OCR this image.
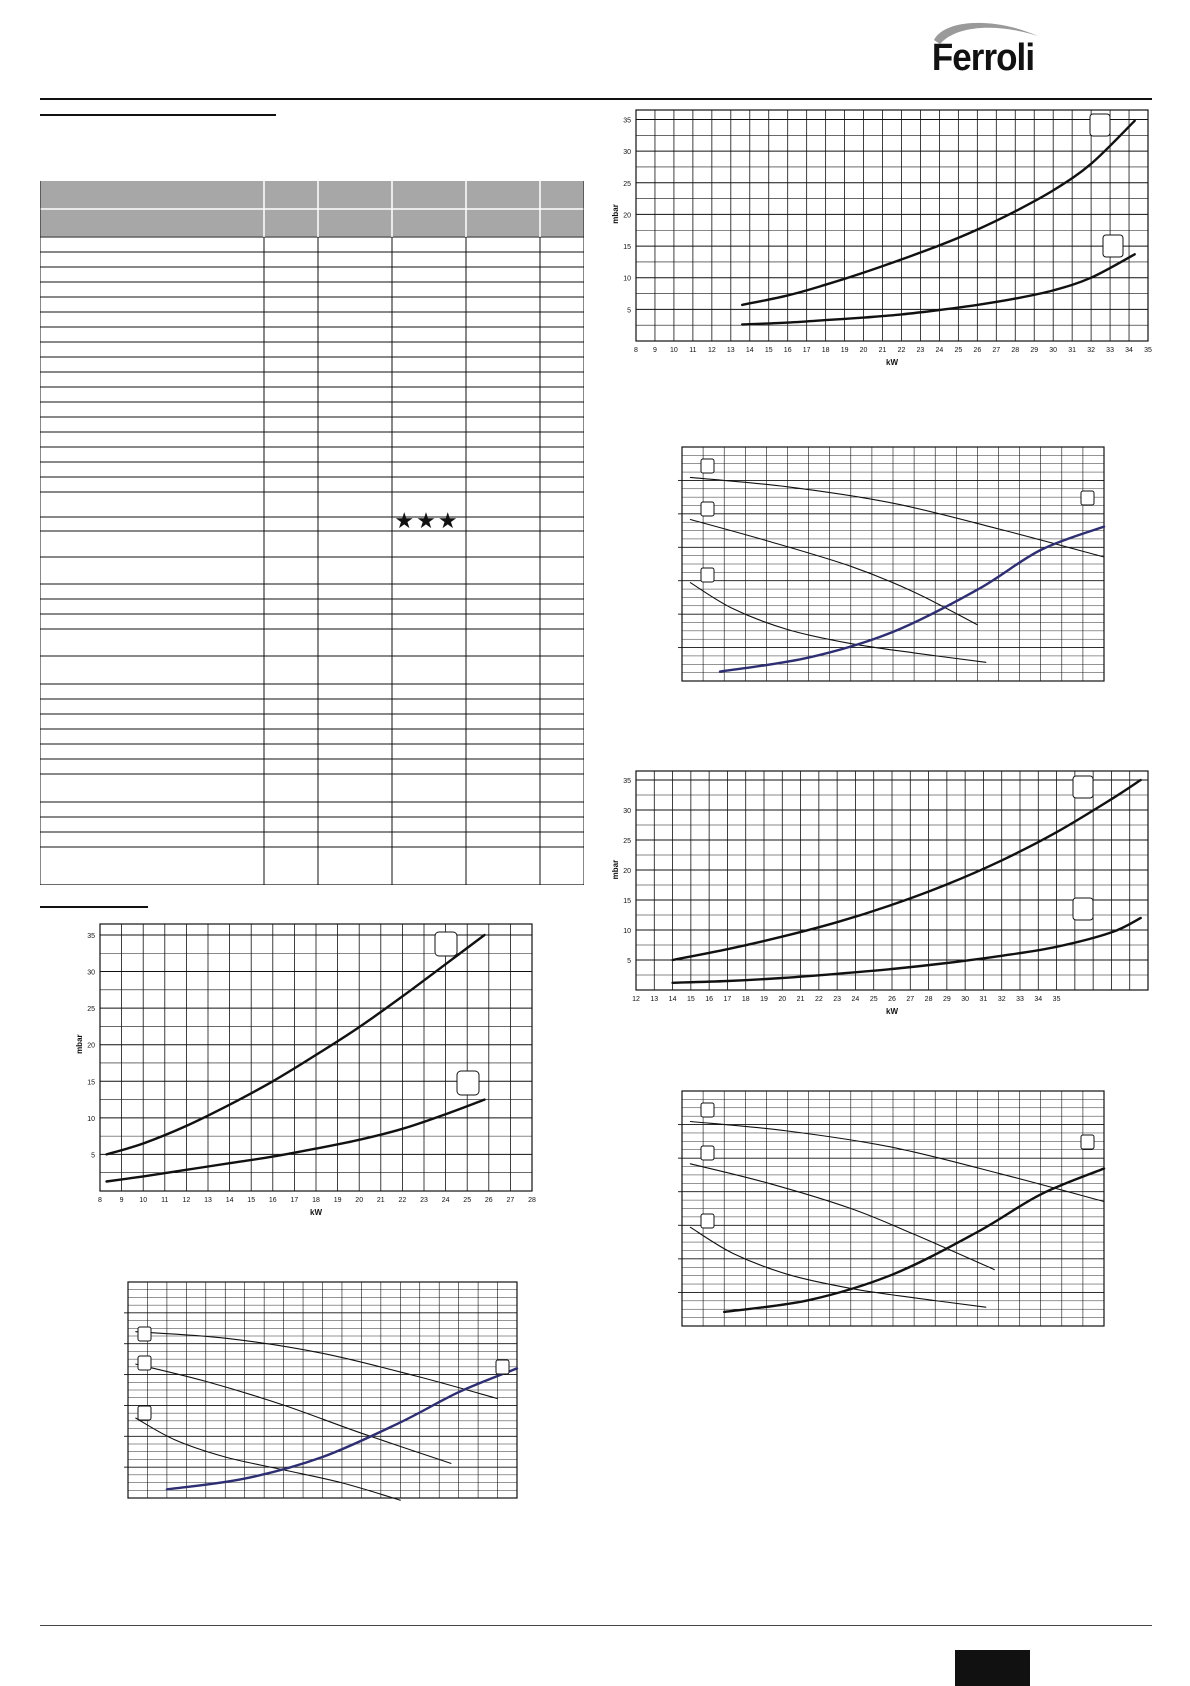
Ferroli
★★★
8	9 10 11 12 13 14 15 16 17 18 19 20 21 22 23 24 25 26 27 28
5
10
15
20
25
30
35
kW
mbar
8 9 10 11 12 13 14 15 16 17 18 19 20 21 22 23 24 25 26 27 28 29 30 31 32 33 34 35
5
10
15
20
25
30
35
kW
mbar
12 13 14 15 16 17 18 19 20 21 22 23 24 25 26 27 28 29 30 31 32 33 34 35
5
10
15
20
25
30
35
kW
mbar
